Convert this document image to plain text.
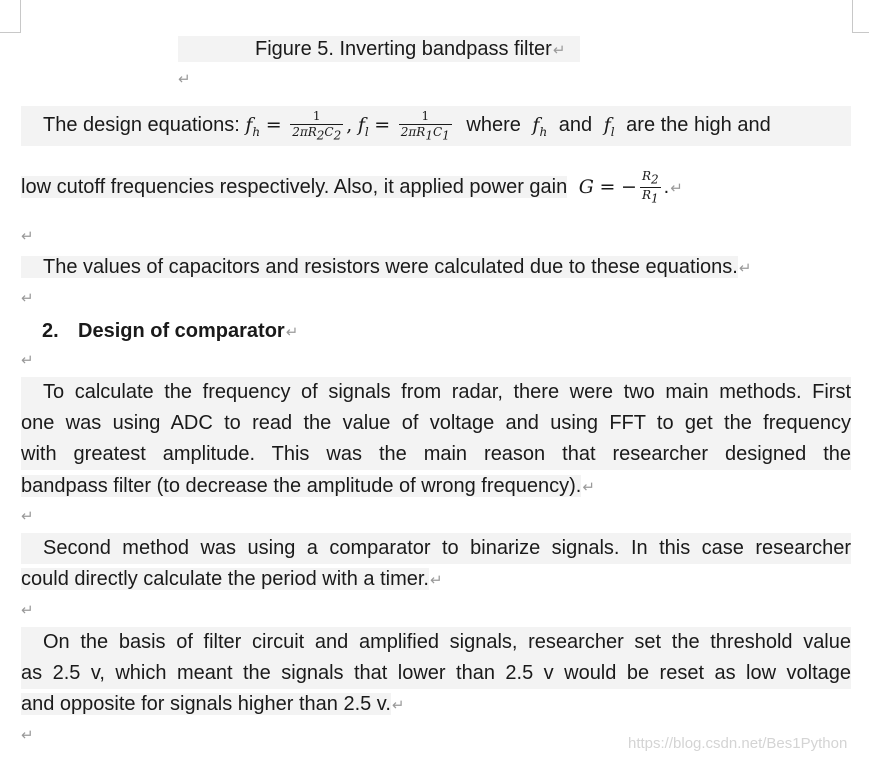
Figure 5. Inverting bandpass filter↵
↵
The design equations: $f_h = \frac{1}{2\pi R_2C_2}$ , $f_l = \frac{1}{2\pi R_1C_1}$ where $f_h$ and $f_l$ are the high and
low cutoff frequencies respectively. Also, it applied power gain G = − $\frac{R_2}{R_1}$ .↵
↵
The values of capacitors and resistors were calculated due to these equations.↵
↵
2. Design of comparator↵
↵
To calculate the frequency of signals from radar, there were two main methods. First
one was using ADC to read the value of voltage and using FFT to get the frequency
with greatest amplitude. This was the main reason that researcher designed the
bandpass filter (to decrease the amplitude of wrong frequency).↵
↵
Second method was using a comparator to binarize signals. In this case researcher
could directly calculate the period with a timer.↵
↵
On the basis of filter circuit and amplified signals, researcher set the threshold value
as 2.5 v, which meant the signals that lower than 2.5 v would be reset as low voltage
and opposite for signals higher than 2.5 v.↵
↵	https://blog.csdn.net/Bes1Python
